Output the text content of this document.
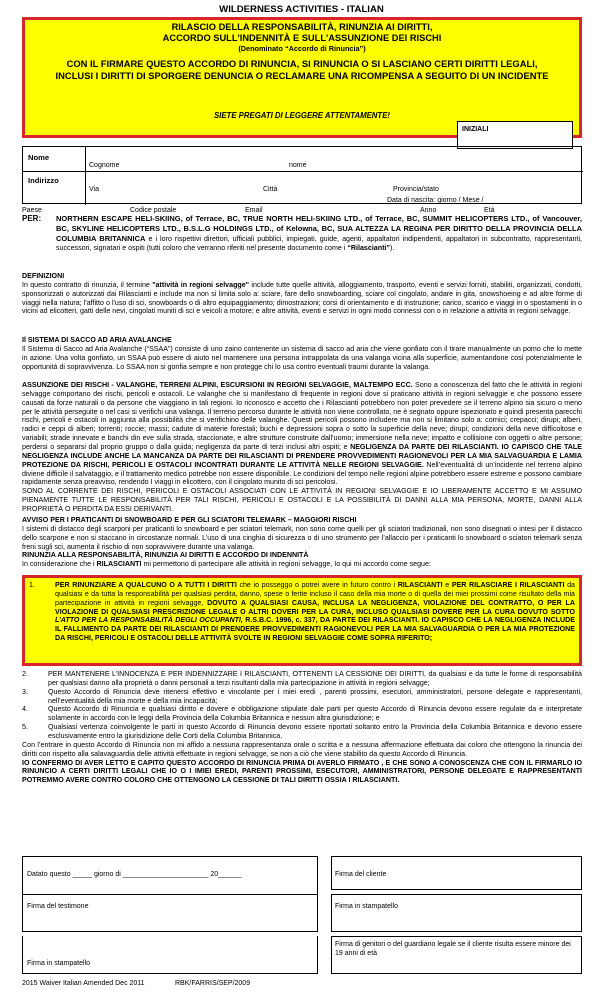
WILDERNESS ACTIVITIES - ITALIAN
RILASCIO DELLA RESPONSABILITÀ, RINUNZIA AI DIRITTI,
ACCORDO SULL'INDENNITÀ E SULL'ASSUNZIONE DEI RISCHI
(Denominato “Accordo di Rinuncia”)
CON IL FIRMARE QUESTO ACCORDO DI RINUNCIA, SI RINUNCIA O SI LASCIANO CERTI DIRITTI LEGALI,
INCLUSI I DIRITTI DI SPORGERE DENUNCIA O RECLAMARE UNA RICOMPENSA A SEGUITO DI UN INCIDENTE
SIETE PREGATI DI LEGGERE ATTENTAMENTE!
INIZIALI
Nome
Cognome	nome
Indirizzo
Via	Città	Provincia/stato
Paese	Codice postale	Email
Data di nascita: giorno / Mese /
Anno	Età
PER: NORTHERN ESCAPE HELI-SKIING, of Terrace, BC, TRUE NORTH HELI-SKIING LTD., of Terrace, BC, SUMMIT HELICOPTERS LTD., of Vancouver, BC, SKYLINE HELICOPTERS LTD., B.S.L.G HOLDINGS LTD., of Kelowna, BC, SUA ALTEZZA LA REGINA PER DIRITTO DELLA PROVINCIA DELLA COLUMBIA BRITANNICA e i loro rispettivi direttori, ufficiali pubblici, impiegati, guide, agenti, appaltatori indipendenti, appaltatori in subcontratto, rappresentanti, successori, signatari e ospiti (tutti coloro che verranno riferiti nel presente documento come i “Rilascianti”).
DEFINIZIONI
In questo contratto di rinunzia, il termine "attività in regioni selvagge" include tutte quelle attività, alloggiamento, trasporto, eventi e servizi forniti, stabiliti, organizzati, condotti, sponsorizzati o autorizzati dai Rilascianti e include ma non si limita solo a: sciare, fare dello snowboarding, sciare col cingolato, andare in gita, snowshoeing e ad altre forme di viaggi nella natura; l'affitto o l'uso di sci, snowboards o di altro equipaggiamento; dimostrazioni; corsi di orientamento e di instruzione; carico, scarico e viaggi in o spostamenti in o vicini ad elicotteri, gatti delle nevi, cingolati muniti di sci e veicoli a motore; e altre attività, eventi e servizi in ogni modo connessi con o in relazione a attività in regioni selvagge.
Il SISTEMA DI SACCO AD ARIA AVALANCHE
Il Sistema di Sacco ad Aria Avalanche (“SSAA”) consiste di uno zaino contenente un sistema di sacco ad aria che viene gonfiato con il tirare manualmente un pomo che lo mette in azione. Una volta gonfiato, un SSAA può essere di aiuto nel mantenere una persona intrappolata da una valanga vicina alla superficie, aumentandone così potenzialmente le opportunità di sopravvivenza. Lo SSAA non si gonfia sempre e non protegge chi lo usa contro eventuali traumi durante la valanga.
ASSUNZIONE DEI RISCHI - VALANGHE, TERRENI ALPINI, ESCURSIONI IN REGIONI SELVAGGIE, MALTEMPO ECC. Sono a conoscenza del fatto che le attività in regioni selvagge comportano dei rischi, pericoli e ostacoli. Le valanghe che si manifestano di frequente in regioni dove si praticano attività in regioni selvaggie e che possono essere causati da forze naturali o da persone che viaggiano in tali regioni. Io riconosco e accetto che i Rilascianti potrebbero non poter prevedere se il terreno alpino sia sicuro o meno per le attività perseguite o nel casi si verifichi una valanga. Il terreno percorso durante le attività non viene controllato, ne è segnato oppure ispezionato e quindi presenta parecchi rischi, pericoli e ostacoli in aggiunta alla possibilità che si verifichino delle valanghe. Questi pericoli possono includere ma non si limitano solo a: cornici; crepacci; dirupi; alberi, radici e ceppi di alberi; torrenti; roccie; massi; cadute di materie forestali; buchi e depressioni sopra o sotto la superficie della neve; dirupi; condizioni della neve difficoltose e variabili; strade innevate e banchi din eve sulla strada, staccionate, e altre strutture construite dall’uomo; immersione nella neve; impatto e collisione con oggetti o altre persone; perdersi o separarsi dal proprio gruppo o dalla guida; negligenza da parte di terzi inclusi altri ospiti; e NEGLIGENZA DA PARTE DEI RILASCIANTI. IO CAPISCO CHE TALE NEGLIGENZA INCLUDE ANCHE LA MANCANZA DA PARTE DEI RILASCIANTI DI PRENDERE PROVVEDIMENTI RAGIONEVOLI PER LA MIA SALVAGUARDIA E LAMIA PROTEZIONE DA RISCHI, PERICOLI E OSTACOLI INCONTRATI DURANTE LE ATTIVITÀ NELLE REGIONI SELVAGGIE. Nell’eventualità di un’incidente nel terreno alpino diviene difficile il salvataggio, e il trattamento medico potrebbe non essere disponibile. Le condizioni del tempo nelle regioni alpine potrebbero essere estreme e possono cambiare rapidamente senza preavviso, rendendo I viaggi in elicottero, con il cingolato munito di sci pericolosi.
SONO AL CORRENTE DEI RISCHI, PERICOLI E OSTACOLI ASSOCIATI CON LE ATTIVITÀ IN REGIONI SELVAGGIE E IO LIBERAMENTE ACCETTO E MI ASSUMO PIENAMENTE TUTTE LE RESPONSABILITÀ PER TALI RISCHI, PERICOLI E OSTACOLI E LA POSSIBILITÀ DI DANNI ALLA MIA PERSONA, MORTE, DANNI ALLA PROPRIETÀ O PERDITA DA ESSI DERIVANTI.
AVVISO PER I PRATICANTI DI SNOWBOARD E PER GLI SCIATORI TELEMARK – MAGGIORI RISCHI
I sistemi di distacco degli scarponi per praticanti lo snowboard e per sciatori telemark, non sono come quelli per gli sciatori tradizionali, non sono disegnati o intesi per il distacco dello scarpone e non si staccano in circostanze normali. L’uso di una cinghia di sicurezza o di uno strumento per l’allaccio per i praticanti lo snowboard o sciatori telemark senza freni sugli sci, aumenta il rischio di non sopravvivere durante una valanga.
RINUNZIA ALLA RESPONSABILITÀ, RINUNZIA AI DIRITTI E ACCORDO DI INDENNITÀ
In considerazione che i RILASCIANTI mi permettono di partecipare alle attività in regioni selvagge, Io qui mi accordo come segue:
1.	PER RINUNZIARE A QUALCUNO O A TUTTI I DIRITTI che io posseggo o potrei avere in futuro contro i RILASCIANTI e PER RILASCIARE I RILASCIANTI da qualsiasi e da tutta la responsabilità per qualsiasi perdita, danno, spese o ferite incluso il caso della mia morte o di quella dei miei prossimi come risultato della mia partecipazione in attività in regioni selvagge, DOVUTO A QUALSIASI CAUSA, INCLUSA LA NEGLIGENZA, VIOLAZIONE DEL CONTRATTO, O PER LA VIOLAZIONE DI QUALSIASI PRESCRIZIONE LEGALE O ALTRI DOVERI PER LA CURA, INCLUSO QUALSIASI DOVERE PER LA CURA DOVUTO SOTTO L’ATTO PER LA RESPONSABILITÀ DEGLI OCCUPANTI, R.S.B.C. 1996, c. 337, DA PARTE DEI RILASCIANTI. IO CAPISCO CHE LA NEGLIGENZA INCLUDE IL FALLIMENTO DA PARTE DEI RILASCIANTI DI PRENDERE PROVVEDIMENTI RAGIONEVOLI PER LA MIA SALVAGUARDIA O PER LA MIA PROTEZIONE DA RISCHI, PERICOLI E OSTACOLI DELLE ATTIVITÀ SVOLTE IN REGIONI SELVAGGIE COME SOPRA RIFERITO;
2.	PER MANTENERE L’INNOCENZA E PER INDENNIZZARE I RILASCIANTI, OTTENENTI LA CESSIONE DEI DIRITTI, da qualsiasi e da tutte le forme di responsabilità per qualsiasi danno alla proprietà o danni personali a terzi risultanti dalla mia partecipazione in attività in regioni selvagge;
3.	Questo Accordo di Rinuncia deve ritenersi effettivo e vincolante per i miei eredi , parenti prossimi, esecutori, amministratori, persone delegate e rappresentanti, nell’eventualità della mia morte e della mia incapacità;
4.	Questo Accordo di Rinuncia e qualsiasi diritto e dovere e obbligazione stipulate dale parti per questo Accordo di Rinuncia devono essere regulate da e interpretate solamente in accordo con le leggi della Provincia della Columbia Britannica e nessun altra giurisdizione; e
5.	Qualsiasi vertenza coinvolgente le parti in questo Accordo di Rinuncia devono essere riportati soltanto entro la Provincia della Columbia Britannica e devono essere esclusivamente entro la giurisdizione delle Corti della Columbia Britannica.
Con l’entrare in questo Accordo di Rinuncia non mi affido a nessuna rappresentanza orale o scritta e a nessuna affermazione effettuata dai coloro che ottengono la rinuncia dei diritti con rispetto alla salavaguardia delle attività effettuate in regioni selvagge, se non a ciò che viene stabilito da questo Accordo di Rinuncia.
IO CONFERMO DI AVER LETTO E CAPITO QUESTO ACCORDO DI RINUNCIA PRIMA DI AVERLO FIRMATO , E CHE SONO A CONOSCENZA CHE CON IL FIRMARLO IO RINUNCIO A CERTI DIRITTI LEGALI CHE IO O I IMIEI EREDI, PARENTI PROSSIMI, ESECUTORI, AMMINISTRATORI, PERSONE DELEGATE E RAPPRESENTANTI POTREMMO AVERE CONTRO COLORO CHE OTTENGONO LA CESSIONE DI TALI DIRITTI OSSIA I RILASCIANTI.
Datato questo _____ giorno di ______________________ 20______	Firma del cliente
Firma del testimone	Firma in stampatello
Firma in stampatello
Firma di genitori o del guardiano legale se il cliente risulta essere minore dei 19 anni di età
2015 Waiver Italian Amended Dec 2011	RBK/FARRIS/SEP/2009
